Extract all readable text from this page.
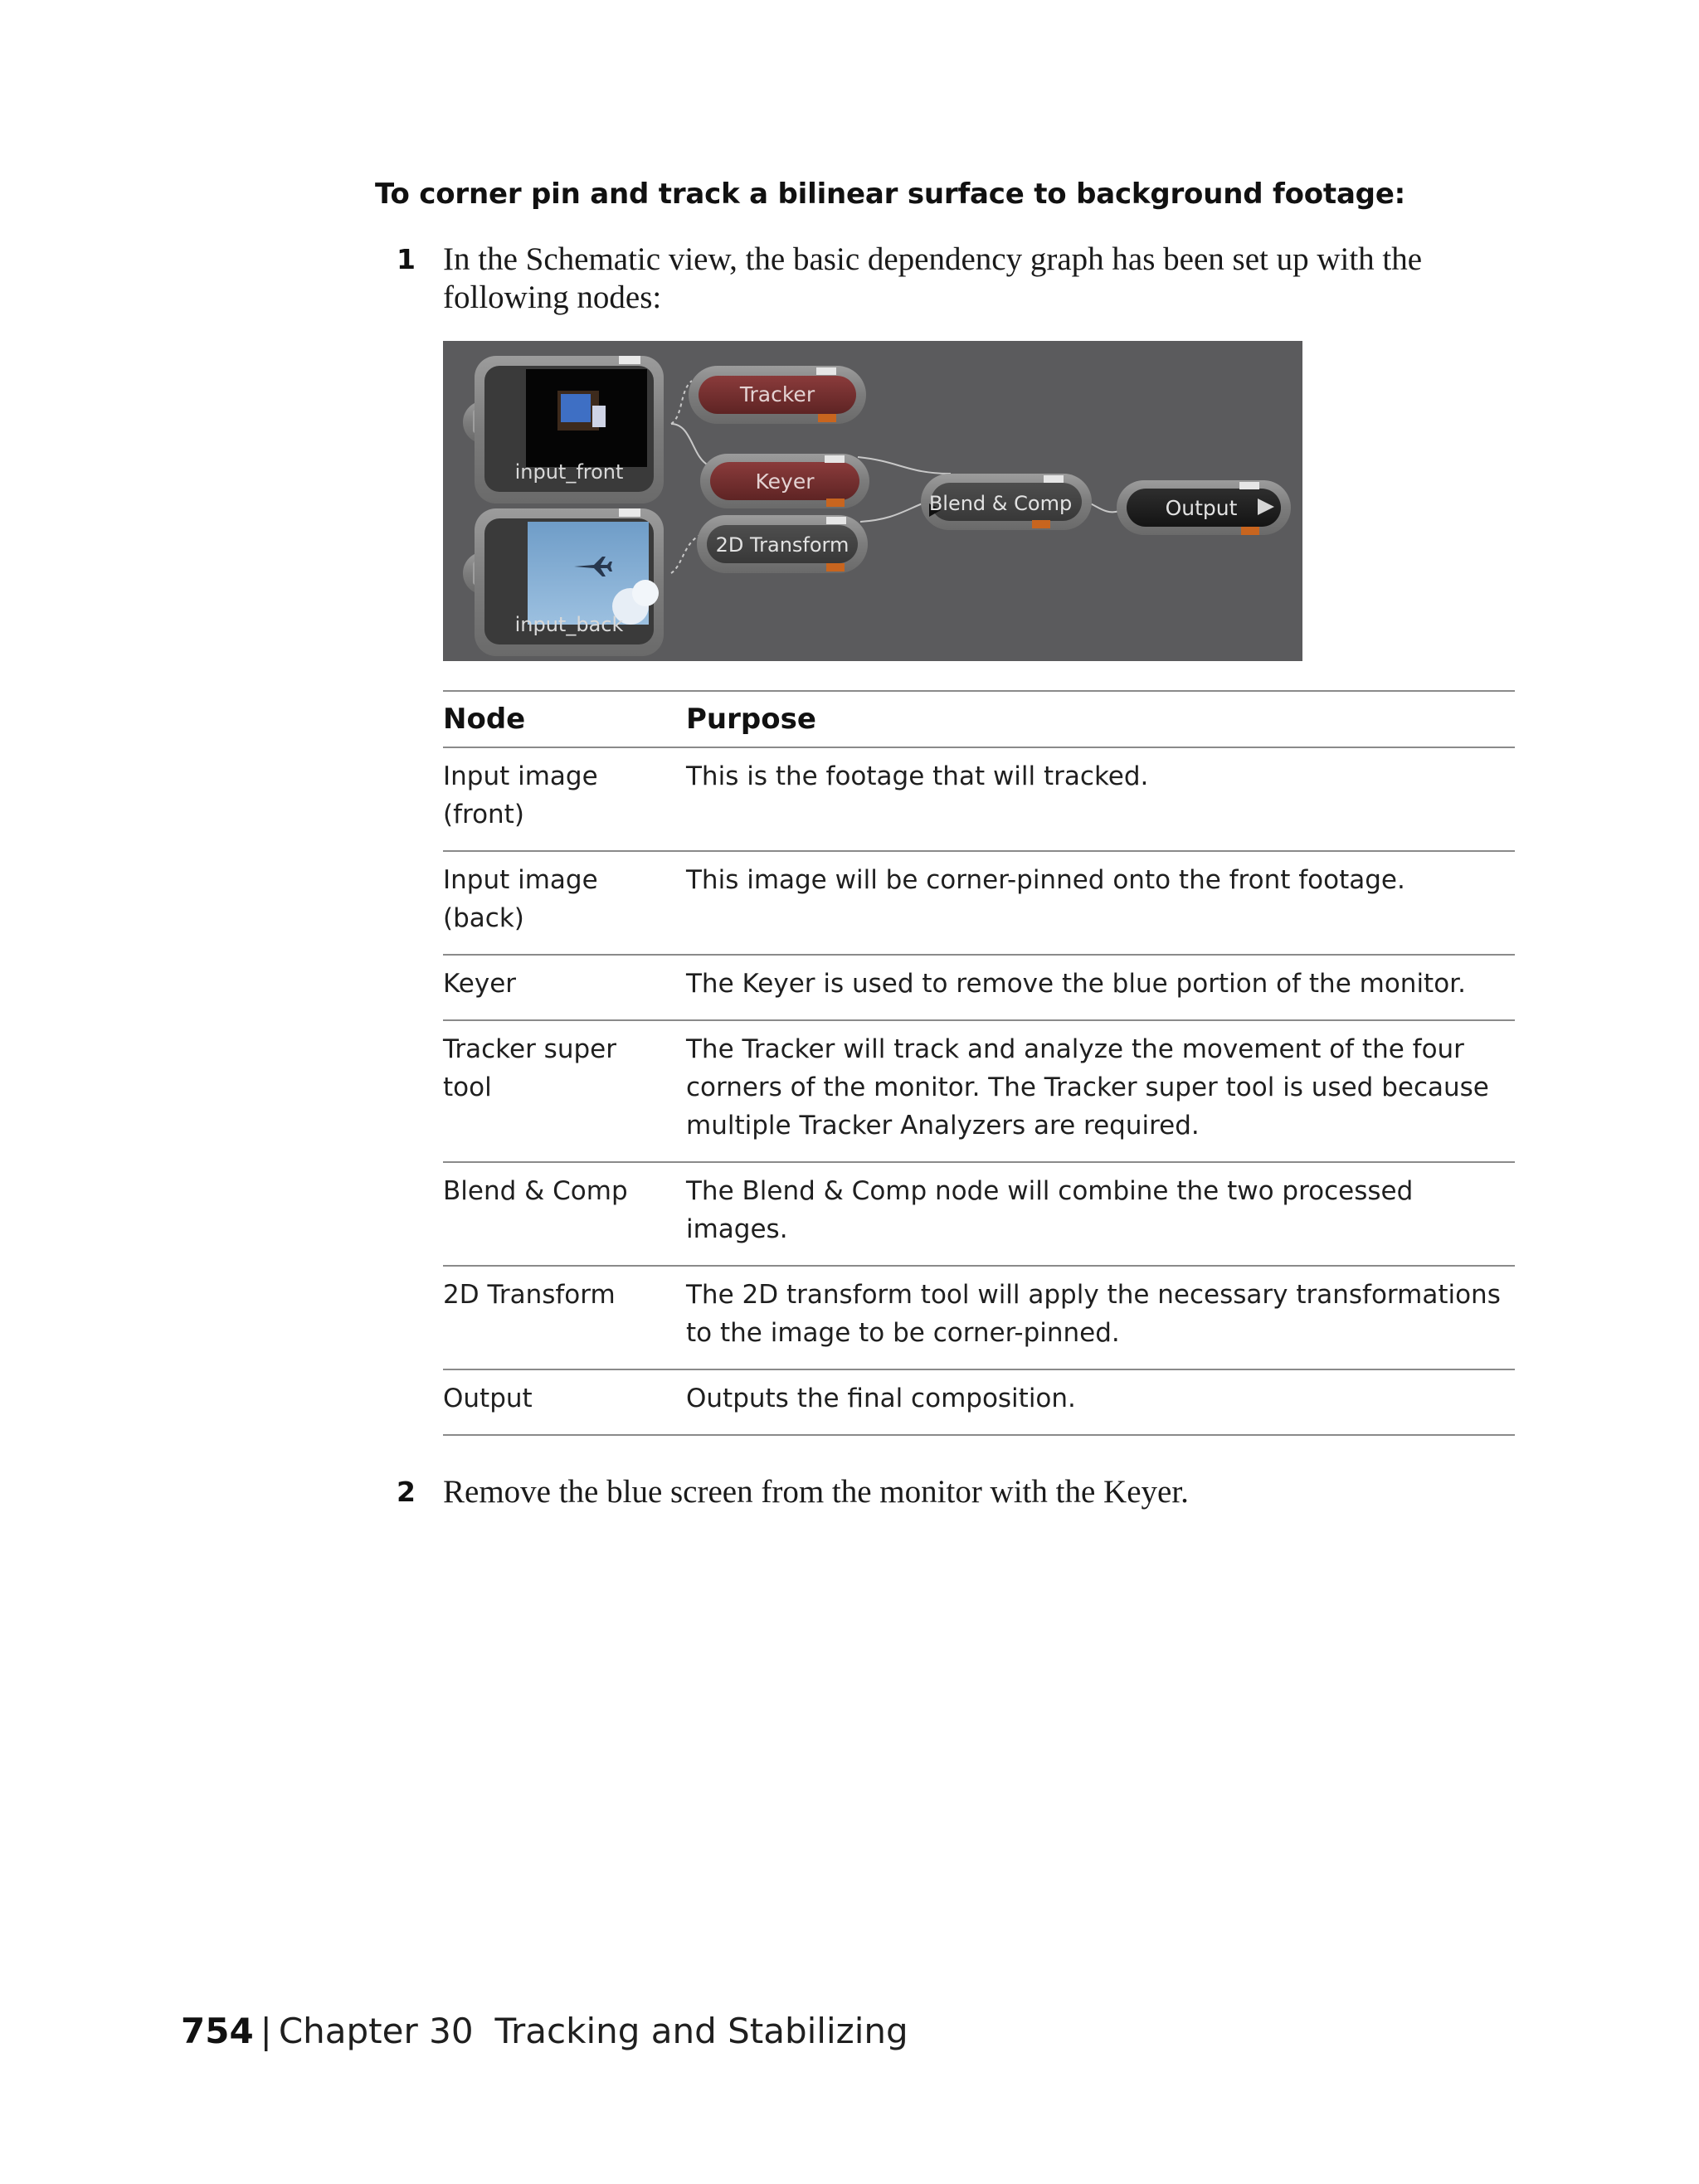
To corner pin and track a bilinear surface to background footage:
1 In the Schematic view, the basic dependency graph has been set up with the following nodes:
input_front
input_back
Tracker
Keyer
2D Transform
Blend & Comp	Output
Node	Purpose

Input image (front)	This is the footage that will tracked.

Input image (back)	This image will be corner-pinned onto the front footage.
Keyer	The Keyer is used to remove the blue portion of the monitor.

Tracker super tool	The Tracker will track and analyze the movement of the four corners of the monitor. The Tracker super tool is used because multiple Tracker Analyzers are required.
Blend & Comp	The Blend & Comp node will combine the two processed images.
2D Transform	The 2D transform tool will apply the necessary transformations to the image to be corner-pinned.
Output	Outputs the final composition.
2 Remove the blue screen from the monitor with the Keyer.
754 | Chapter 30 Tracking and Stabilizing
